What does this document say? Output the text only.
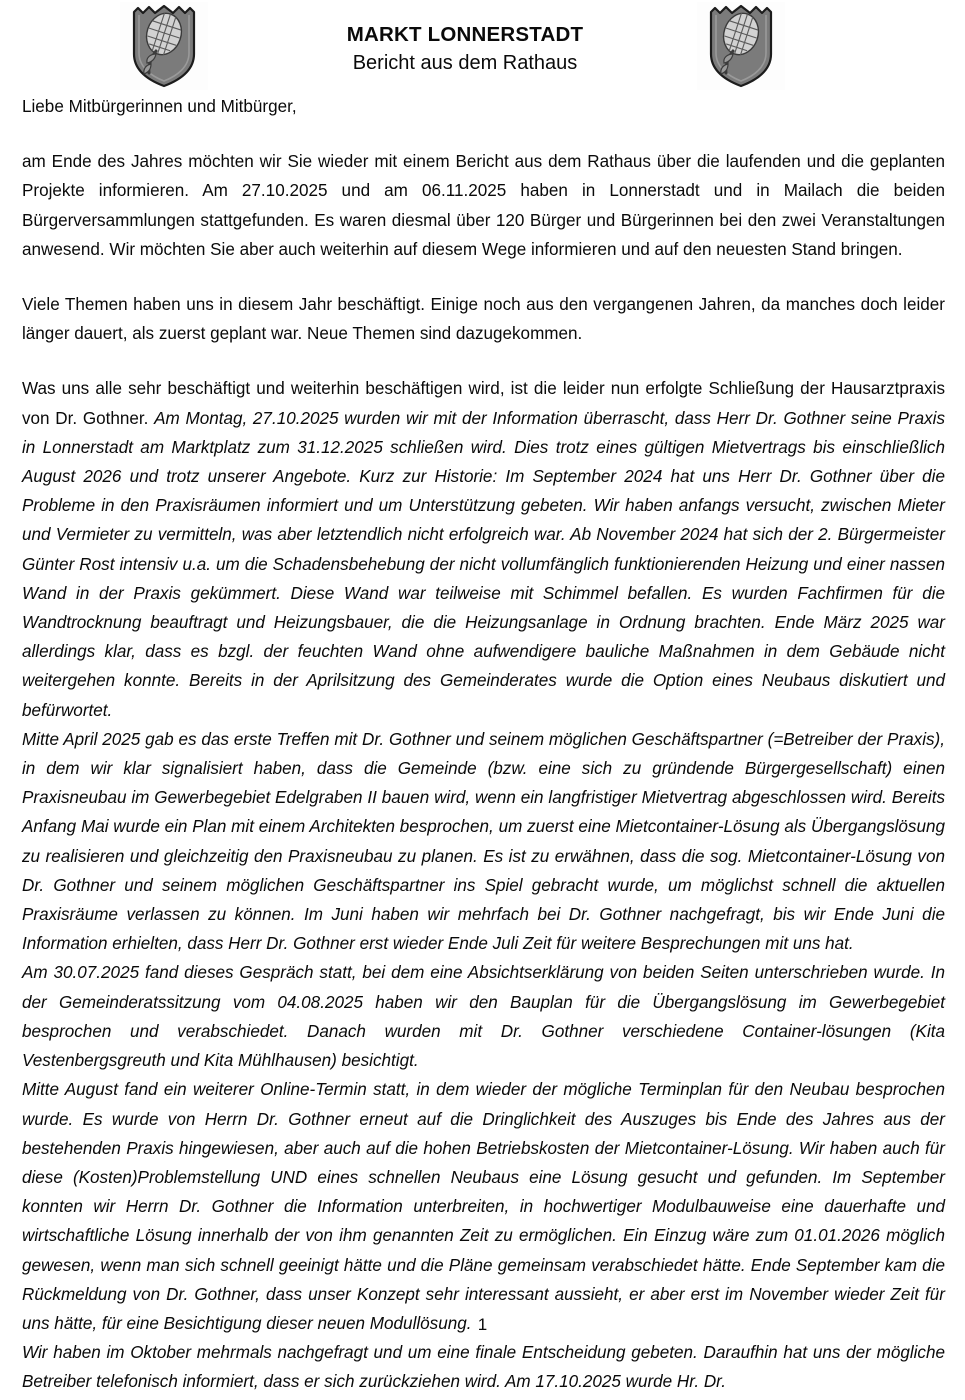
MARKT LONNERSTADT
Bericht aus dem Rathaus

Liebe Mitbürgerinnen und Mitbürger,

am Ende des Jahres möchten wir Sie wieder mit einem Bericht aus dem Rathaus über die laufenden und die geplanten Projekte informieren. Am 27.10.2025 und am 06.11.2025 haben in Lonnerstadt und in Mailach die beiden Bürgerversammlungen stattgefunden. Es waren diesmal über 120 Bürger und Bürgerinnen bei den zwei Veranstaltungen anwesend. Wir möchten Sie aber auch weiterhin auf diesem Wege informieren und auf den neuesten Stand bringen.

Viele Themen haben uns in diesem Jahr beschäftigt. Einige noch aus den vergangenen Jahren, da manches doch leider länger dauert, als zuerst geplant war. Neue Themen sind dazugekommen.

Was uns alle sehr beschäftigt und weiterhin beschäftigen wird, ist die leider nun erfolgte Schließung der Hausarztpraxis von Dr. Gothner. Am Montag, 27.10.2025 wurden wir mit der Information überrascht, dass Herr Dr. Gothner seine Praxis in Lonnerstadt am Marktplatz zum 31.12.2025 schließen wird. Dies trotz eines gültigen Mietvertrags bis einschließlich August 2026 und trotz unserer Angebote. Kurz zur Historie: Im September 2024 hat uns Herr Dr. Gothner über die Probleme in den Praxisräumen informiert und um Unterstützung gebeten. Wir haben anfangs versucht, zwischen Mieter und Vermieter zu vermitteln, was aber letztendlich nicht erfolgreich war. Ab November 2024 hat sich der 2. Bürgermeister Günter Rost intensiv u.a. um die Schadensbehebung der nicht vollumfänglich funktionierenden Heizung und einer nassen Wand in der Praxis gekümmert. Diese Wand war teilweise mit Schimmel befallen. Es wurden Fachfirmen für die Wandtrocknung beauftragt und Heizungsbauer, die die Heizungsanlage in Ordnung brachten. Ende März 2025 war allerdings klar, dass es bzgl. der feuchten Wand ohne aufwendigere bauliche Maßnahmen in dem Gebäude nicht weitergehen konnte. Bereits in der Aprilsitzung des Gemeinderates wurde die Option eines Neubaus diskutiert und befürwortet.

Mitte April 2025 gab es das erste Treffen mit Dr. Gothner und seinem möglichen Geschäftspartner (=Betreiber der Praxis), in dem wir klar signalisiert haben, dass die Gemeinde (bzw. eine sich zu gründende Bürgergesellschaft) einen Praxisneubau im Gewerbegebiet Edelgraben II bauen wird, wenn ein langfristiger Mietvertrag abgeschlossen wird. Bereits Anfang Mai wurde ein Plan mit einem Architekten besprochen, um zuerst eine Mietcontainer-Lösung als Übergangslösung zu realisieren und gleichzeitig den Praxisneubau zu planen. Es ist zu erwähnen, dass die sog. Mietcontainer-Lösung von Dr. Gothner und seinem möglichen Geschäftspartner ins Spiel gebracht wurde, um möglichst schnell die aktuellen Praxisräume verlassen zu können. Im Juni haben wir mehrfach bei Dr. Gothner nachgefragt, bis wir Ende Juni die Information erhielten, dass Herr Dr. Gothner erst wieder Ende Juli Zeit für weitere Besprechungen mit uns hat.

Am 30.07.2025 fand dieses Gespräch statt, bei dem eine Absichtserklärung von beiden Seiten unterschrieben wurde. In der Gemeinderatssitzung vom 04.08.2025 haben wir den Bauplan für die Übergangslösung im Gewerbegebiet besprochen und verabschiedet. Danach wurden mit Dr. Gothner verschiedene Container-lösungen (Kita Vestenbergsgreuth und Kita Mühlhausen) besichtigt.

Mitte August fand ein weiterer Online-Termin statt, in dem wieder der mögliche Terminplan für den Neubau besprochen wurde. Es wurde von Herrn Dr. Gothner erneut auf die Dringlichkeit des Auszuges bis Ende des Jahres aus der bestehenden Praxis hingewiesen, aber auch auf die hohen Betriebskosten der Mietcontainer-Lösung. Wir haben auch für diese (Kosten)Problemstellung UND eines schnellen Neubaus eine Lösung gesucht und gefunden. Im September konnten wir Herrn Dr. Gothner die Information unterbreiten, in hochwertiger Modulbauweise eine dauerhafte und wirtschaftliche Lösung innerhalb der von ihm genannten Zeit zu ermöglichen. Ein Einzug wäre zum 01.01.2026 möglich gewesen, wenn man sich schnell geeinigt hätte und die Pläne gemeinsam verabschiedet hätte. Ende September kam die Rückmeldung von Dr. Gothner, dass unser Konzept sehr interessant aussieht, er aber erst im November wieder Zeit für uns hätte, für eine Besichtigung dieser neuen Modullösung.

Wir haben im Oktober mehrmals nachgefragt und um eine finale Entscheidung gebeten. Daraufhin hat uns der mögliche Betreiber telefonisch informiert, dass er sich zurückziehen wird. Am 17.10.2025 wurde Hr. Dr.

1
